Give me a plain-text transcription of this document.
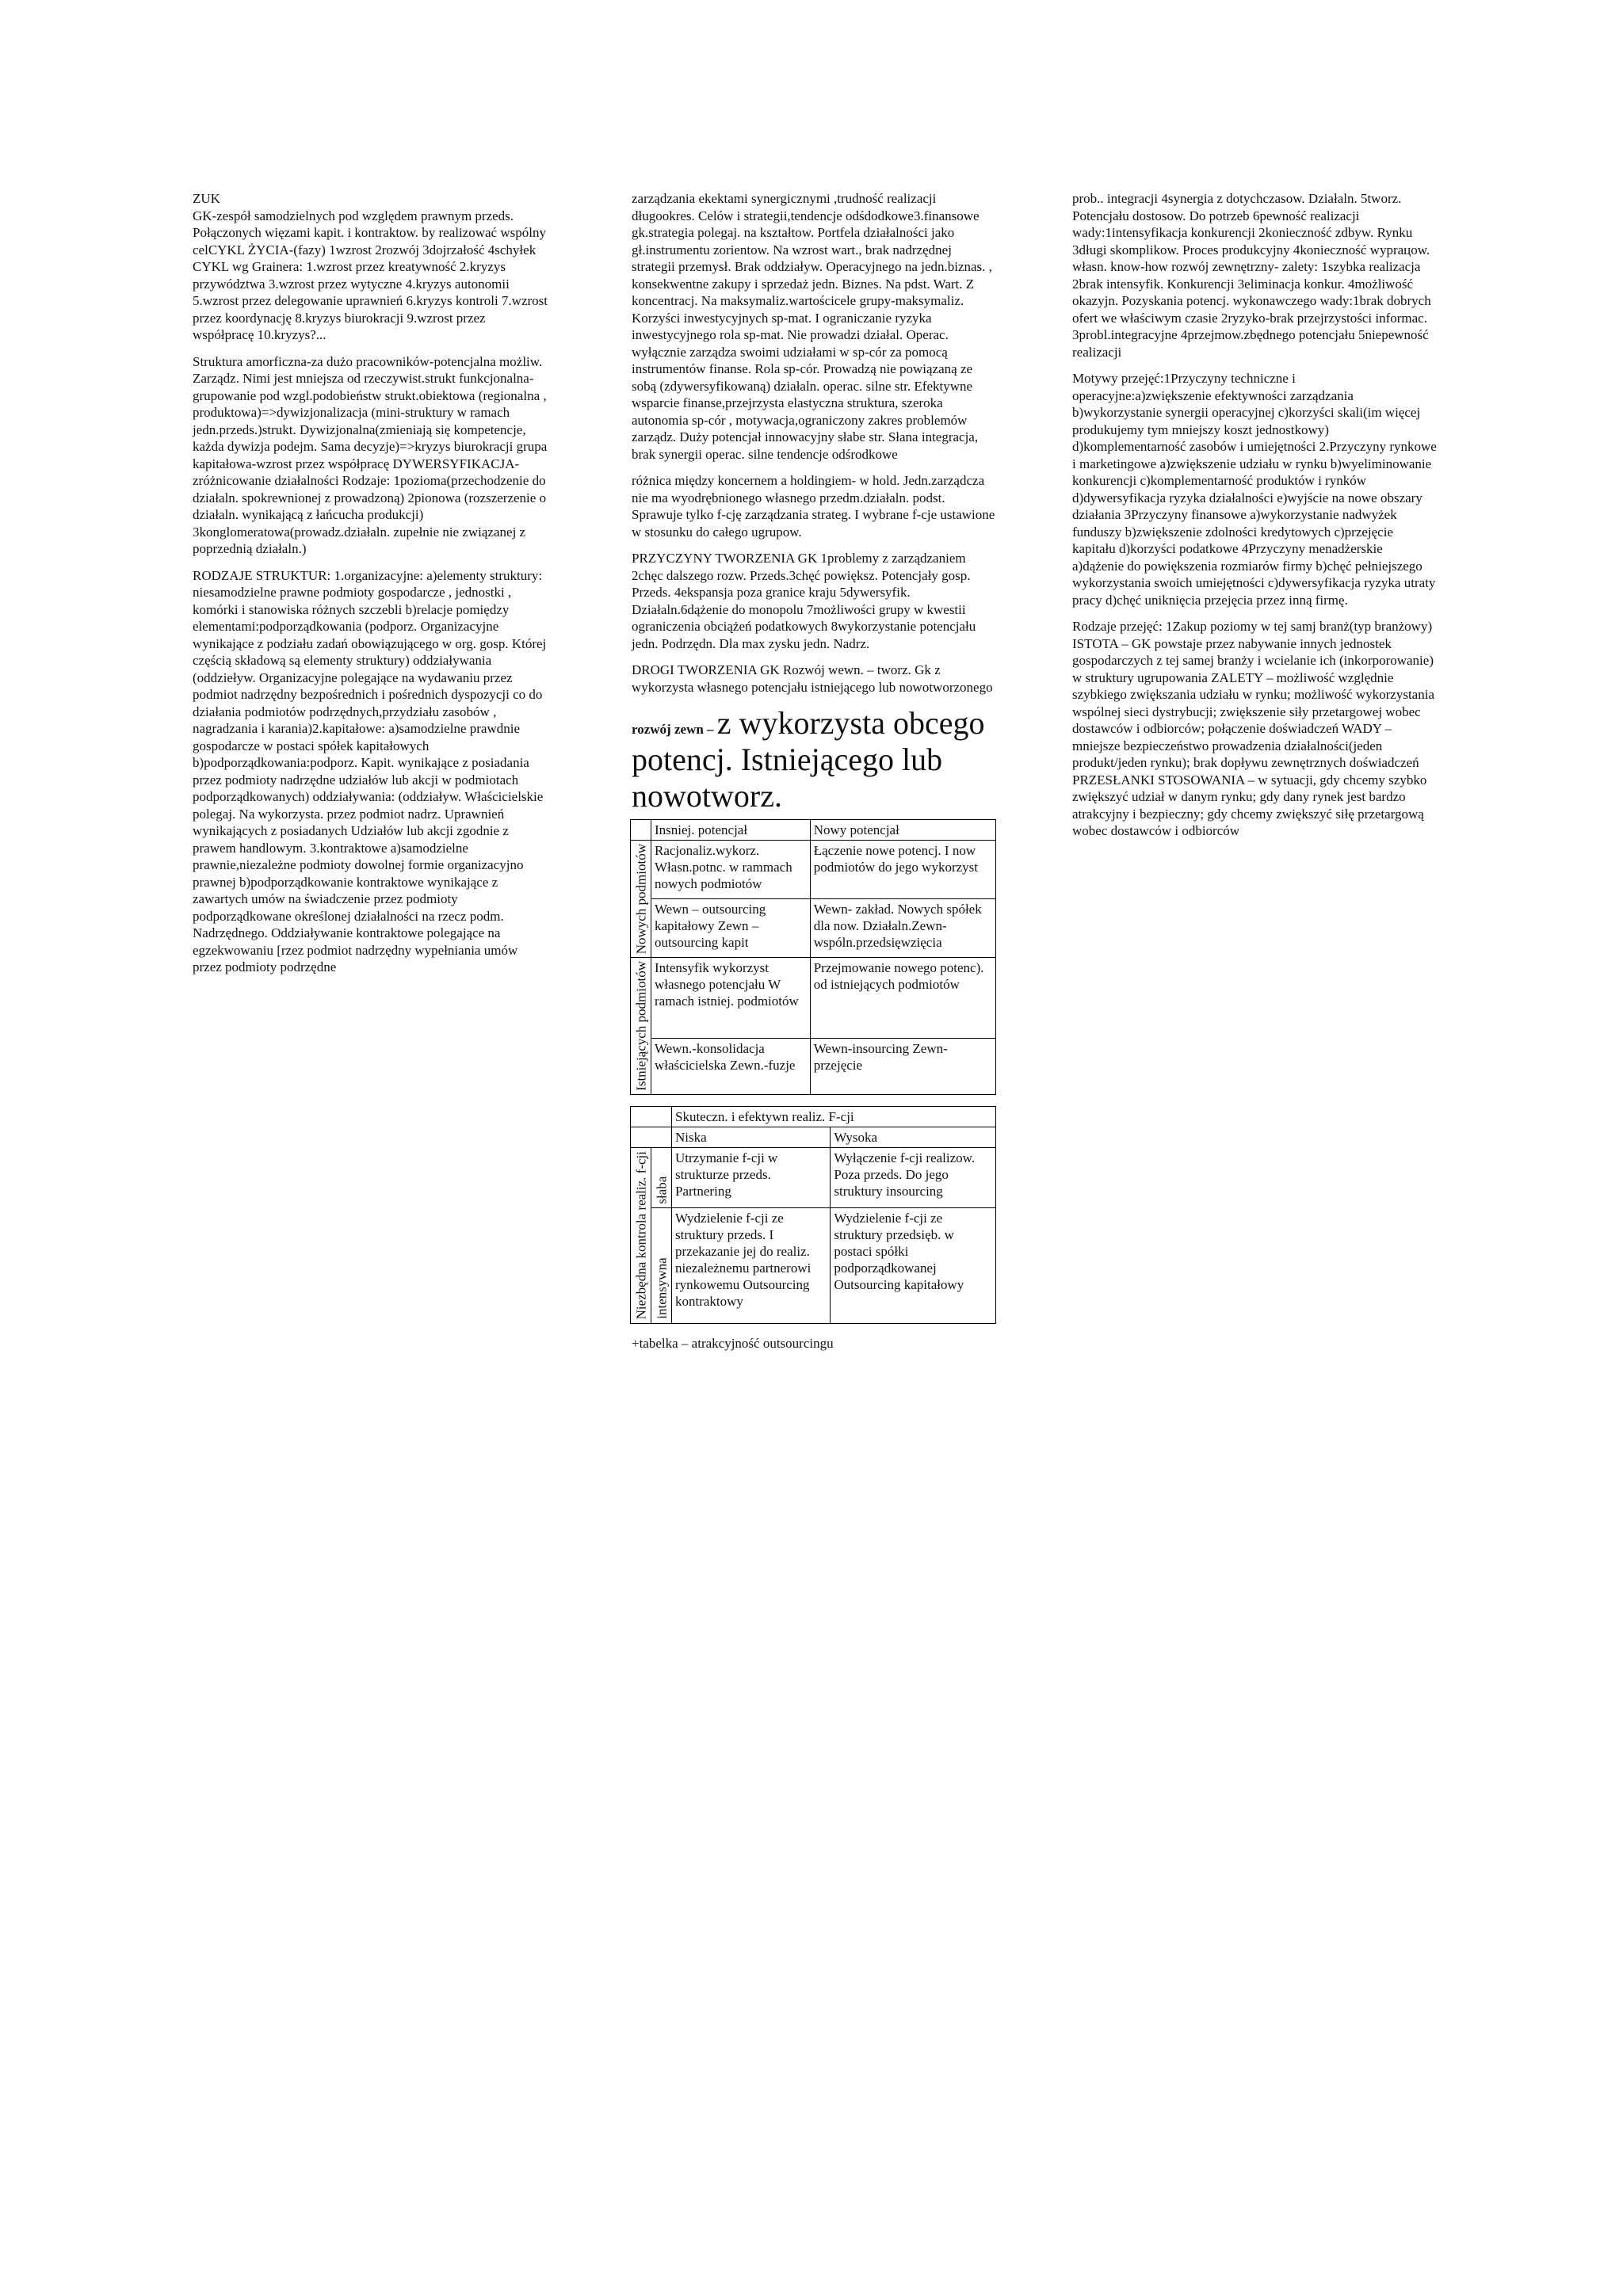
ZUK
GK-zespół samodzielnych pod względem prawnym przeds. Połączonych więzami kapit. i kontraktow. by realizować wspólny celCYKL ŻYCIA-(fazy) 1wzrost 2rozwój 3dojrzałość 4schyłek CYKL wg Grainera: 1.wzrost przez kreatywność 2.kryzys przywództwa 3.wzrost przez wytyczne 4.kryzys autonomii 5.wzrost przez delegowanie uprawnień 6.kryzys kontroli 7.wzrost przez koordynację 8.kryzys biurokracji 9.wzrost przez współpracę 10.kryzys?...
Struktura amorficzna-za dużo pracowników-potencjalna możliw. Zarządz. Nimi jest mniejsza od rzeczywist.strukt funkcjonalna-grupowanie pod wzgl.podobieństw strukt.obiektowa (regionalna , produktowa)=>dywizjonalizacja (mini-struktury w ramach jedn.przeds.)strukt. Dywizjonalna(zmieniają się kompetencje, każda dywizja podejm. Sama decyzje)=>kryzys biurokracji grupa kapitałowa-wzrost przez współpracę DYWERSYFIKACJA- zróżnicowanie działalności Rodzaje: 1pozioma(przechodzenie do działaln. spokrewnionej z prowadzoną) 2pionowa (rozszerzenie o działaln. wynikającą z łańcucha produkcji) 3konglomeratowa(prowadz.działaln. zupełnie nie związanej z poprzednią działaln.)
RODZAJE STRUKTUR: 1.organizacyjne: a)elementy struktury: niesamodzielne prawne podmioty gospodarcze , jednostki , komórki i stanowiska różnych szczebli b)relacje pomiędzy elementami:podporządkowania (podporz. Organizacyjne wynikające z podziału zadań obowiązującego w org. gosp. Której częścią składową są elementy struktury) oddziaływania (oddzieływ. Organizacyjne polegające na wydawaniu przez podmiot nadrzędny bezpośrednich i pośrednich dyspozycji co do działania podmiotów podrzędnych,przydziału zasobów , nagradzania i karania)2.kapitałowe: a)samodzielne prawdnie gospodarcze w postaci spółek kapitałowych b)podporządkowania:podporz. Kapit. wynikające z posiadania przez podmioty nadrzędne udziałów lub akcji w podmiotach podporządkowanych) oddziaływania: (oddziaływ. Właścicielskie polegaj. Na wykorzysta. przez podmiot nadrz. Uprawnień wynikających z posiadanych Udziałów lub akcji zgodnie z prawem handlowym. 3.kontraktowe a)samodzielne prawnie,niezależne podmioty dowolnej formie organizacyjno prawnej b)podporządkowanie kontraktowe wynikające z zawartych umów na świadczenie przez podmioty podporządkowane określonej działalności na rzecz podm. Nadrzędnego. Oddziaływanie kontraktowe polegające na egzekwowaniu [rzez podmiot nadrzędny wypełniania umów przez podmioty podrzędne
zarządzania ekektami synergicznymi ,trudność realizacji długookres. Celów i strategii,tendencje odśdodkowe3.finansowe gk.strategia polegaj. na kształtow. Portfela działalności jako gł.instrumentu zorientow. Na wzrost wart., brak nadrzędnej strategii przemysł. Brak oddziaływ. Operacyjnego na jedn.biznas. , konsekwentne zakupy i sprzedaż jedn. Biznes. Na pdst. Wart. Z koncentracj. Na maksymaliz.wartościcele grupy-maksymaliz. Korzyści inwestycyjnych sp-mat. I ograniczanie ryzyka inwestycyjnego rola sp-mat. Nie prowadzi działal. Operac. wyłącznie zarządza swoimi udziałami w sp-cór za pomocą instrumentów finanse. Rola sp-cór. Prowadzą nie powiązaną ze sobą (zdywersyfikowaną) działaln. operac. silne str. Efektywne wsparcie finanse,przejrzysta elastyczna struktura, szeroka autonomia sp-cór , motywacja,ograniczony zakres problemów zarządz. Duży potencjał innowacyjny słabe str. Słana integracja, brak synergii operac. silne tendencje odśrodkowe
różnica między koncernem a holdingiem- w hold. Jedn.zarządcza nie ma wyodrębnionego własnego przedm.działaln. podst. Sprawuje tylko f-cję zarządzania strateg. I wybrane f-cje ustawione w stosunku do całego ugrupow.
PRZYCZYNY TWORZENIA GK 1problemy z zarządzaniem 2chęc dalszego rozw. Przeds.3chęć powiększ. Potencjały gosp. Przeds. 4ekspansja poza granice kraju 5dywersyfik. Działaln.6dążenie do monopolu 7możliwości grupy w kwestii ograniczenia obciążeń podatkowych 8wykorzystanie potencjału jedn. Podrzędn. Dla max zysku jedn. Nadrz.
DROGI TWORZENIA GK Rozwój wewn. – tworz. Gk z wykorzysta własnego potencjału istniejącego lub nowotworzonego
rozwój zewn – z wykorzysta obcego potencj. Istniejącego lub nowotworz.
	Insniej. potencjał	Nowy potencjał
Nowych podmiotów	Racjonaliz.wykorz. Własn.potnc. w rammach nowych podmiotów	Łączenie nowe potencj. I now podmiotów do jego wykorzyst
	Wewn – outsourcing kapitałowy Zewn – outsourcing kapit	Wewn- zakład. Nowych spółek dla now. Działaln.Zewn-wspóln.przedsięwzięcia
Istniejących podmiotów	Intensyfik wykorzyst własnego potencjału W ramach istniej. podmiotów	Przejmowanie nowego potenc). od istniejących podmiotów
	Wewn.-konsolidacja właścicielska Zewn.-fuzje	Wewn-insourcing Zewn- przejęcie
		Skuteczn. i efektywn realiz. F-cji	
		Niska	Wysoka
Niezbędna kontrola realiz. f-cji	słaba	Utrzymanie f-cji w strukturze przeds. Partnering	Wyłączenie f-cji realizow. Poza przeds. Do jego struktury insourcing
	intensywna	Wydzielenie f-cji ze struktury przeds. I przekazanie jej do realiz. niezależnemu partnerowi rynkowemu Outsourcing kontraktowy	Wydzielenie f-cji ze struktury przedsięb. w postaci spółki podporządkowanej Outsourcing kapitałowy
+tabelka – atrakcyjność outsourcingu
prob.. integracji 4synergia z dotychczasow. Działaln. 5tworz. Potencjału dostosow. Do potrzeb 6pewność realizacji wady:1intensyfikacja konkurencji 2konieczność zdbyw. Rynku 3długi skomplikow. Proces produkcyjny 4konieczność wyprацow. własn. know-how rozwój zewnętrzny- zalety: 1szybka realizacja 2brak intensyfik. Konkurencji 3eliminacja konkur. 4możliwość okazyjn. Pozyskania potencj. wykonawczego wady:1brak dobrych ofert we właściwym czasie 2ryzyko-brak przejrzystości informac. 3probl.integracyjne 4przejmow.zbędnego potencjału 5niepewność realizacji
Motywy przejęć:1Przyczyny techniczne i operacyjne:a)zwiększenie efektywności zarządzania b)wykorzystanie synergii operacyjnej c)korzyści skali(im więcej produkujemy tym mniejszy koszt jednostkowy) d)komplementarność zasobów i umiejętności 2.Przyczyny rynkowe i marketingowe a)zwiększenie udziału w rynku b)wyeliminowanie konkurencji c)komplementarność produktów i rynków d)dywersyfikacja ryzyka działalności e)wyjście na nowe obszary działania 3Przyczyny finansowe a)wykorzystanie nadwyżek funduszy b)zwiększenie zdolności kredytowych c)przejęcie kapitału d)korzyści podatkowe 4Przyczyny menadżerskie a)dążenie do powiększenia rozmiarów firmy b)chęć pełniejszego wykorzystania swoich umiejętności c)dywersyfikacja ryzyka utraty pracy d)chęć uniknięcia przejęcia przez inną firmę.
Rodzaje przejęć: 1Zakup poziomy w tej samj branż(typ branżowy) ISTOTA – GK powstaje przez nabywanie innych jednostek gospodarczych z tej samej branży i wcielanie ich (inkorporowanie) w struktury ugrupowania ZALETY – możliwość względnie szybkiego zwiększania udziału w rynku; możliwość wykorzystania wspólnej sieci dystrybucji; zwiększenie siły przetargowej wobec dostawców i odbiorców; połączenie doświadczeń WADY – mniejsze bezpieczeństwo prowadzenia działalności(jeden produkt/jeden rynku); brak dopływu zewnętrznych doświadczeń PRZESŁANKI STOSOWANIA – w sytuacji, gdy chcemy szybko zwiększyć udział w danym rynku; gdy dany rynek jest bardzo atrakcyjny i bezpieczny; gdy chcemy zwiększyć siłę przetargową wobec dostawców i odbiorców
